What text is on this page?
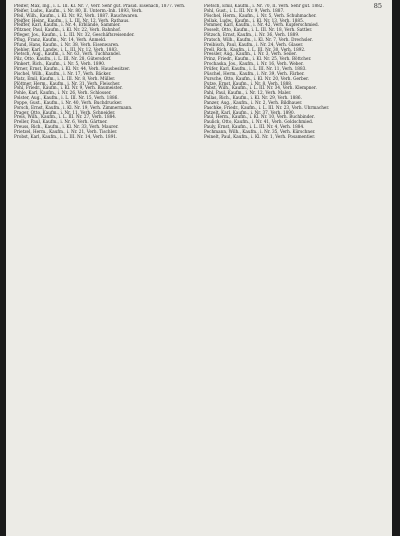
85

Pfeifer, Max, Ing., i. L. III. Kl. Nr. 7, Verr. Sehr gut. Präsid. Eisenach, 1877. verh.

Pfeifer, Ludw., Kaufm., i. Nr. 80, II. Unterm.-Inh. 1893, Verh.

Pfeil, Wilh., Kaufm., i. Kl. Nr. 92, Verh. 1887. Rauchwaren.

Pfeiffer, Heinr., Kaufm., i. L. III. Nr. 12, Verh. Rathaus.

Pfeiffer, Karl, Kaufm., i. Nr. 4, Erblände, Sammler.

Pfitzner, Paul, Kaufm., i. Kl. Nr. 22, Verh. Bahnhof.

Pfleger, Jos., Kaufm., i. L. III. Nr. 32, Geschäftsreisender.

Pflug, Franz, Kaufm., Nr. 14, Verh. Anmeld.

Pfund, Hans, Kaufm., i. Nr. 38, Verh. Eisenwaren.

Piehler, Karl, Landw., i. L. III. Nr. 12, Verh. 1883.

Pietsch, Aug., Kaufm., i. Nr. 63, Verh. Tuchhandel.

Pilz, Otto, Kaufm., i. L. III. Nr. 28, Gütersdorf.

Pinkert, Rich., Kaufm., i. Nr. 5, Verh. 1890.

Pirner, Ernst, Kaufm., i. Kl. Nr. 44, Verh. Hausbesitzer.

Pischel, Wilh., Kaufm., i. Nr. 17, Verh. Bäcker.

Platz, Emil, Kaufm., i. L. III. Nr. 8, Verh. Müller.

Plöttner, Herm., Kaufm., i. Nr. 31, Verh. Fleischer.

Pohl, Friedr., Kaufm., i. Kl. Nr. 9, Verh. Baumeister.

Pohle, Karl, Kaufm., i. Nr. 26, Verh. Schlosser.

Polster, Aug., Kaufm., i. L. III. Nr. 15, Verh. 1886.

Poppe, Gust., Kaufm., i. Nr. 40, Verh. Buchdrucker.

Porsch, Ernst, Kaufm., i. Kl. Nr. 19, Verh. Zimmermann.

Prager, Otto, Kaufm., i. Nr. 11, Verh. Schneider.

Preis, Wilh., Kaufm., i. L. III. Nr. 27, Verh. 1884.

Preller, Paul, Kaufm., i. Nr. 6, Verh. Gärtner.

Preuss, Rich., Kaufm., i. Kl. Nr. 33, Verh. Maurer.

Prietzel, Herm., Kaufm., i. Nr. 21, Verh. Tischler.

Probst, Karl, Kaufm., i. L. III. Nr. 14, Verh. 1891.

Pietsch, Emil, Kaufm., i. Nr. 70, II. Verh. Sehr gut. 1882.

Pohl, Gust., i. L. III. Nr. 9, Verh. 1887.

Pöschel, Herm., Kaufm., i. Nr. 5, Verh. Schuhmacher.

Pollak, Ludw., Kaufm., i. Kl. Nr. 13, Verh. 1885.

Pommer, Karl, Kaufm., i. Nr. 42, Verh. Kupferschmied.

Posselt, Otto, Kaufm., i. L. III. Nr. 18, Verh. Sattler.

Pötzsch, Ernst, Kaufm., i. Nr. 36, Verh. 1889.

Pratsch, Wilh., Kaufm., i. Kl. Nr. 7, Verh. Drechsler.

Preibisch, Paul, Kaufm., i. Nr. 24, Verh. Glaser.

Prell, Rich., Kaufm., i. L. III. Nr. 30, Verh. 1892.

Pressler, Aug., Kaufm., i. Nr. 3, Verh. Seiler.

Prinz, Friedr., Kaufm., i. Kl. Nr. 25, Verh. Böttcher.

Prochaska, Jos., Kaufm., i. Nr. 16, Verh. Weber.

Prüfer, Karl, Kaufm., i. L. III. Nr. 11, Verh. 1883.

Püschel, Herm., Kaufm., i. Nr. 39, Verh. Färber.

Pursche, Otto, Kaufm., i. Kl. Nr. 20, Verh. Gerber.

Putze, Ernst, Kaufm., i. Nr. 8, Verh. 1888.

Pabst, Wilh., Kaufm., i. L. III. Nr. 34, Verh. Klempner.

Pahl, Paul, Kaufm., i. Nr. 12, Verh. Maler.

Pallas, Rich., Kaufm., i. Kl. Nr. 29, Verh. 1886.

Panzer, Aug., Kaufm., i. Nr. 2, Verh. Bildhauer.

Paschke, Friedr., Kaufm., i. L. III. Nr. 23, Verh. Uhrmacher.

Patzelt, Karl, Kaufm., i. Nr. 37, Verh. 1890.

Paul, Herm., Kaufm., i. Kl. Nr. 10, Verh. Buchbinder.

Paulick, Otto, Kaufm., i. Nr. 41, Verh. Goldschmied.

Pauly, Ernst, Kaufm., i. L. III. Nr. 4, Verh. 1884.

Pechmann, Wilh., Kaufm., i. Nr. 35, Verh. Kürschner.

Peinelt, Paul, Kaufm., i. Kl. Nr. 1, Verh. Posamentier.
